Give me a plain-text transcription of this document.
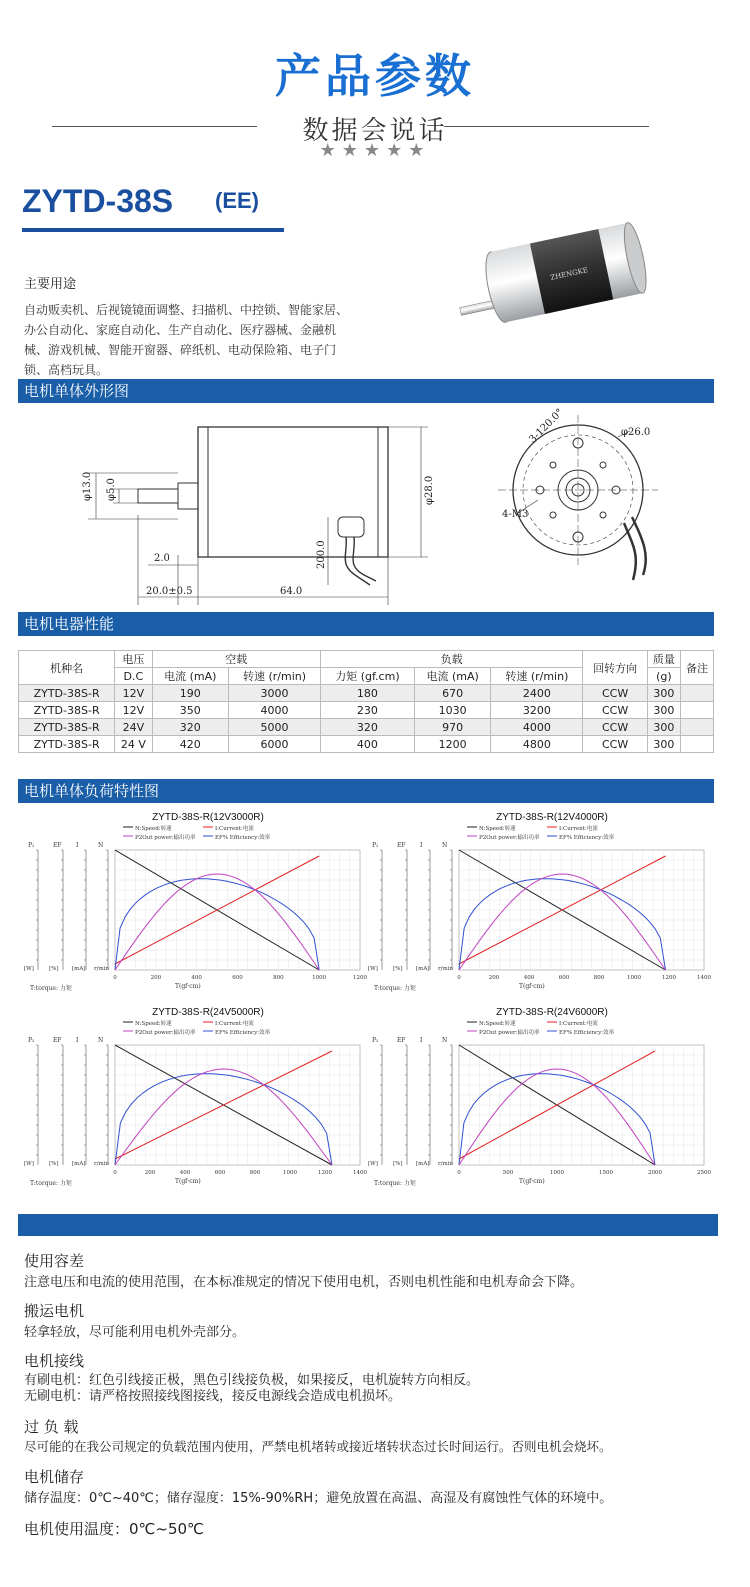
产品参数
数据会说话
★★★★★
ZYTD-38S (EE)
主要用途
自动贩卖机、后视镜镜面调整、扫描机、中控锁、智能家居、办公自动化、家庭自动化、生产自动化、医疗器械、金融机械、游戏机械、智能开窗器、碎纸机、电动保险箱、电子门锁、高档玩具。
ZHENGKE
电机单体外形图
φ13.0 φ5.0	φ28.0
2.0
20.0±0.5	64.0
200.0
3-120.0°	φ26.0
4-M3
电机电器性能
机种名	电压	空载		负载			回转方向	质量	备注
	D.C	电流 (mA)	转速 (r/min)	力矩 (gf.cm)	电流 (mA)	转速 (r/min)		(g)	
ZYTD-38S-R	12V	190	3000	180	670	2400	CCW	300	
ZYTD-38S-R	12V	350	4000	230	1030	3200	CCW	300	
ZYTD-38S-R	24V	320	5000	320	970	4000	CCW	300	
ZYTD-38S-R	24 V	420	6000	400	1200	4800	CCW	300	
电机单体负荷特性图
ZYTD-38S-R(12V3000R)
N:Speed:转速	I:Current:电流
P2Out power:输出功率	EF% Efficiency:效率
P₂
[W]
EF
[%]
I
[mA]
N
r/min
0	200	400	600	800	1000	1200
T(gf·cm)
T:torque: 力矩
ZYTD-38S-R(12V4000R)
N:Speed:转速	I:Current:电流
P2Out power:输出功率	EF% Efficiency:效率
P₂
[W]
EF
[%]
I
[mA]
N
r/min
0	200	400	600	800	1000	1200	1400
T(gf·cm)
T:torque: 力矩
ZYTD-38S-R(24V5000R)
N:Speed:转速	I:Current:电流
P2Out power:输出功率	EF% Efficiency:效率
P₂
[W]
EF
[%]
I
[mA]
N
r/min
0	200	400	600	800	1000	1200	1400
T(gf·cm)
T:torque: 力矩
ZYTD-38S-R(24V6000R)
N:Speed:转速	I:Current:电流
P2Out power:输出功率	EF% Efficiency:效率
P₂
[W]
EF
[%]
I
[mA]
N
r/min
0	500	1000	1500	2000	2500
T(gf·cm)
T:torque: 力矩
使用容差
注意电压和电流的使用范围，在本标准规定的情况下使用电机，否则电机性能和电机寿命会下降。
搬运电机
轻拿轻放，尽可能利用电机外壳部分。
电机接线
有刷电机：红色引线接正极，黑色引线接负极，如果接反，电机旋转方向相反。
无刷电机：请严格按照接线图接线，接反电源线会造成电机损坏。
过 负 载
尽可能的在我公司规定的负载范围内使用，严禁电机堵转或接近堵转状态过长时间运行。否则电机会烧坏。
电机储存
储存温度：0℃~40℃；储存湿度：15%-90%RH；避免放置在高温、高湿及有腐蚀性气体的环境中。
电机使用温度：0℃~50℃
